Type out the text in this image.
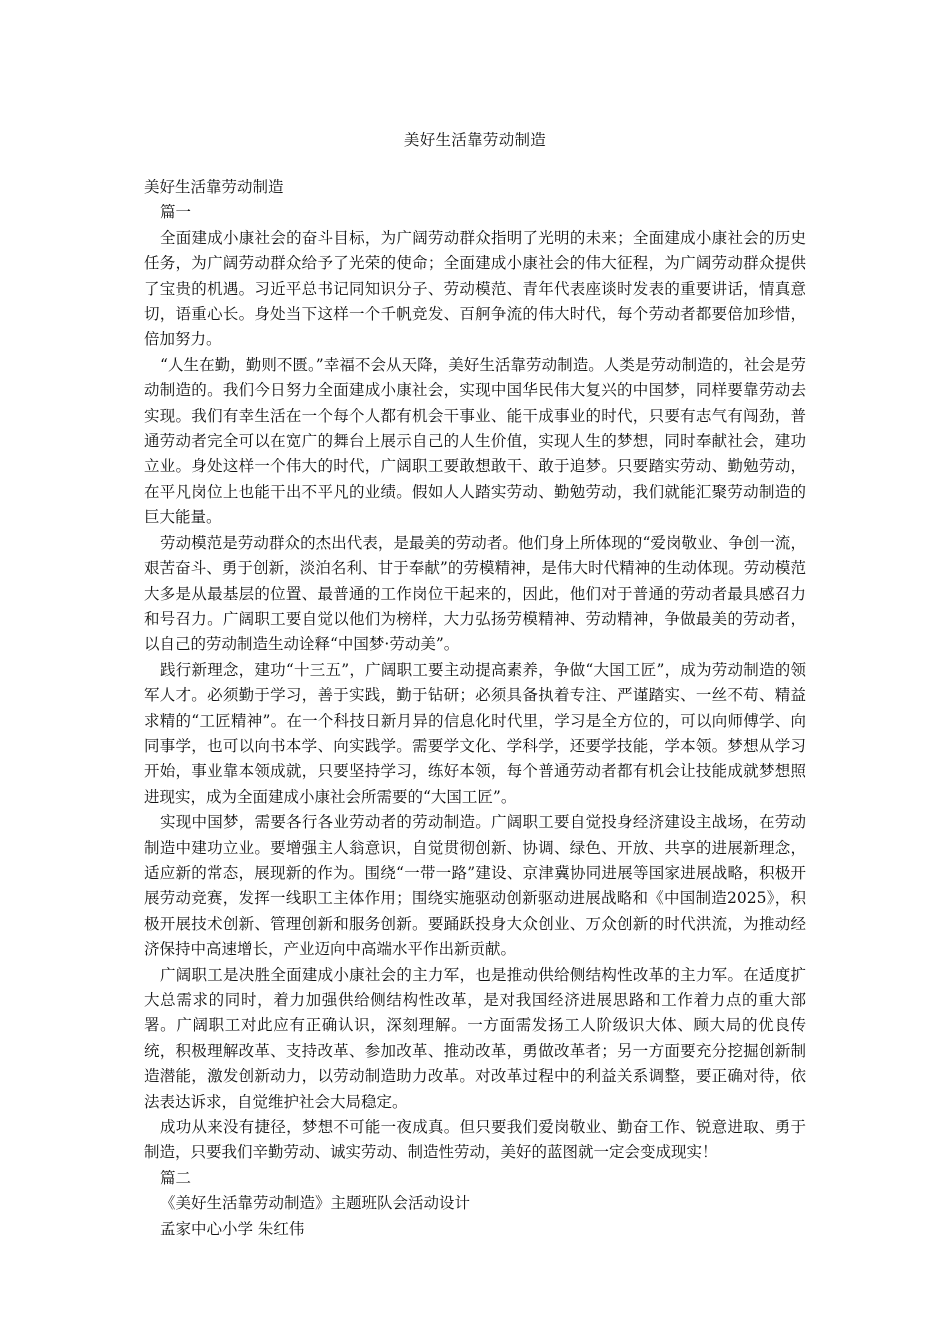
美好生活靠劳动制造

美好生活靠劳动制造

篇一

全面建成小康社会的奋斗目标，为广阔劳动群众指明了光明的未来；全面建成小康社会的历史任务，为广阔劳动群众给予了光荣的使命；全面建成小康社会的伟大征程，为广阔劳动群众提供了宝贵的机遇。习近平总书记同知识分子、劳动模范、青年代表座谈时发表的重要讲话，情真意切，语重心长。身处当下这样一个千帆竞发、百舸争流的伟大时代，每个劳动者都要倍加珍惜，倍加努力。

“人生在勤，勤则不匮。”幸福不会从天降，美好生活靠劳动制造。人类是劳动制造的，社会是劳动制造的。我们今日努力全面建成小康社会，实现中国华民伟大复兴的中国梦，同样要靠劳动去实现。我们有幸生活在一个每个人都有机会干事业、能干成事业的时代，只要有志气有闯劲，普通劳动者完全可以在宽广的舞台上展示自己的人生价值，实现人生的梦想，同时奉献社会，建功立业。身处这样一个伟大的时代，广阔职工要敢想敢干、敢于追梦。只要踏实劳动、勤勉劳动，在平凡岗位上也能干出不平凡的业绩。假如人人踏实劳动、勤勉劳动，我们就能汇聚劳动制造的巨大能量。

劳动模范是劳动群众的杰出代表，是最美的劳动者。他们身上所体现的“爱岗敬业、争创一流，艰苦奋斗、勇于创新，淡泊名利、甘于奉献”的劳模精神，是伟大时代精神的生动体现。劳动模范大多是从最基层的位置、最普通的工作岗位干起来的，因此，他们对于普通的劳动者最具感召力和号召力。广阔职工要自觉以他们为榜样，大力弘扬劳模精神、劳动精神，争做最美的劳动者，以自己的劳动制造生动诠释“中国梦·劳动美”。

践行新理念，建功“十三五”，广阔职工要主动提高素养，争做“大国工匠”，成为劳动制造的领军人才。必须勤于学习，善于实践，勤于钻研；必须具备执着专注、严谨踏实、一丝不苟、精益求精的“工匠精神”。在一个科技日新月异的信息化时代里，学习是全方位的，可以向师傅学、向同事学，也可以向书本学、向实践学。需要学文化、学科学，还要学技能，学本领。梦想从学习开始，事业靠本领成就，只要坚持学习，练好本领，每个普通劳动者都有机会让技能成就梦想照进现实，成为全面建成小康社会所需要的“大国工匠”。

实现中国梦，需要各行各业劳动者的劳动制造。广阔职工要自觉投身经济建设主战场，在劳动制造中建功立业。要增强主人翁意识，自觉贯彻创新、协调、绿色、开放、共享的进展新理念，适应新的常态，展现新的作为。围绕“一带一路”建设、京津冀协同进展等国家进展战略，积极开展劳动竞赛，发挥一线职工主体作用；围绕实施驱动创新驱动进展战略和《中国制造2025》，积极开展技术创新、管理创新和服务创新。要踊跃投身大众创业、万众创新的时代洪流，为推动经济保持中高速增长，产业迈向中高端水平作出新贡献。

广阔职工是决胜全面建成小康社会的主力军，也是推动供给侧结构性改革的主力军。在适度扩大总需求的同时，着力加强供给侧结构性改革，是对我国经济进展思路和工作着力点的重大部署。广阔职工对此应有正确认识，深刻理解。一方面需发扬工人阶级识大体、顾大局的优良传统，积极理解改革、支持改革、参加改革、推动改革，勇做改革者；另一方面要充分挖掘创新制造潜能，激发创新动力，以劳动制造助力改革。对改革过程中的利益关系调整，要正确对待，依法表达诉求，自觉维护社会大局稳定。

成功从来没有捷径，梦想不可能一夜成真。但只要我们爱岗敬业、勤奋工作、锐意进取、勇于制造，只要我们辛勤劳动、诚实劳动、制造性劳动，美好的蓝图就一定会变成现实！

篇二

《美好生活靠劳动制造》主题班队会活动设计

孟家中心小学 朱红伟
